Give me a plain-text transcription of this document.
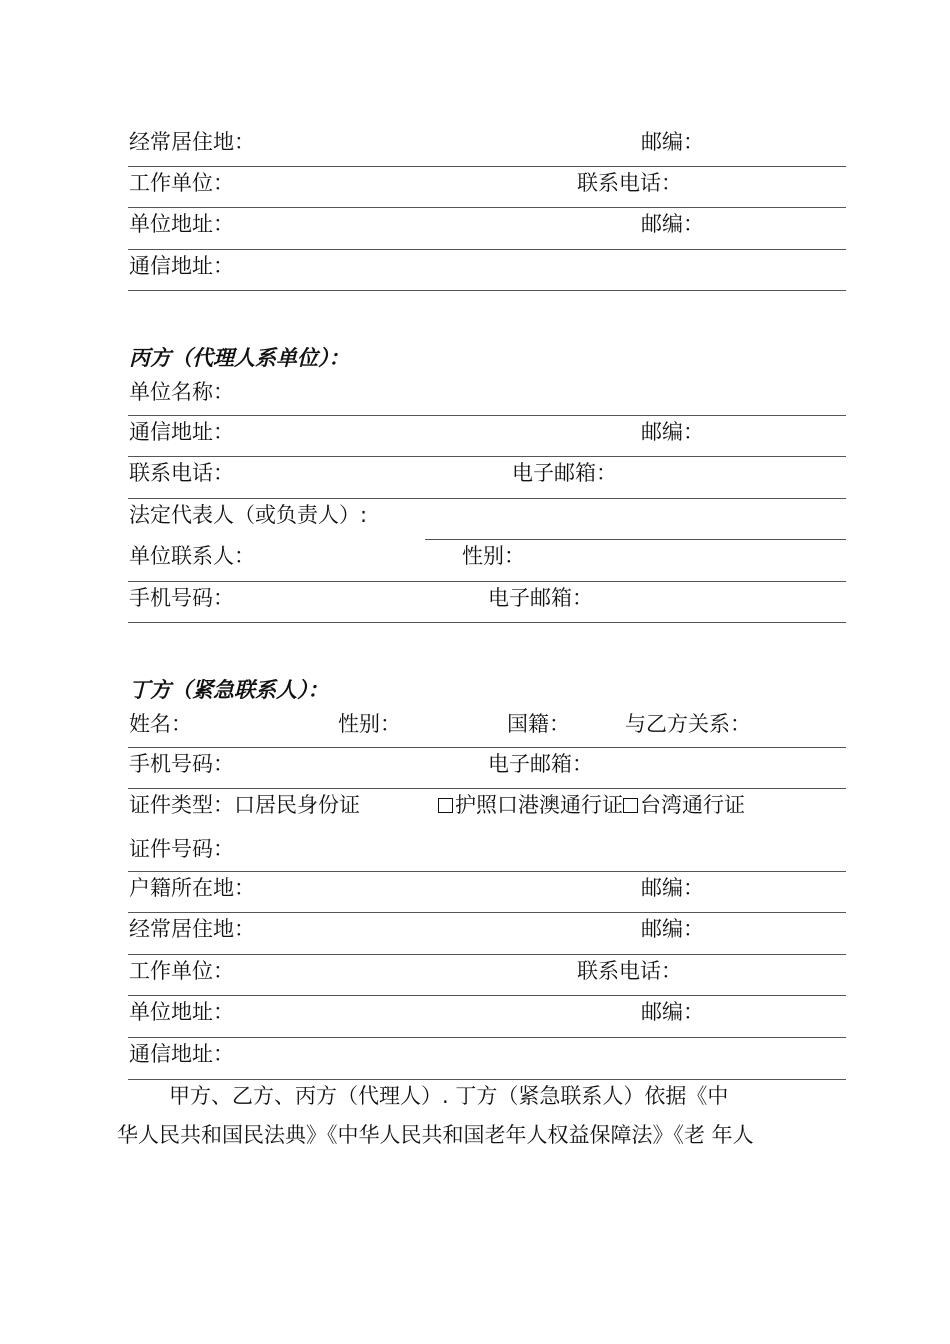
经常居住地：	邮编：
工作单位：	联系电话：
单位地址：	邮编：
通信地址：
丙方（代理人系单位）：
单位名称：
通信地址：	邮编：
联系电话：	电子邮箱：
法定代表人（或负责人）:
单位联系人：	性别：
手机号码：	电子邮箱：
丁方（紧急联系人）：
姓名：	性别：	国籍：	与乙方关系：
手机号码：	电子邮箱：
证件类型：口居民身份证	护照口港澳通行证 台湾通行证
证件号码：
户籍所在地：	邮编：
经常居住地：	邮编：
工作单位：	联系电话：
单位地址：	邮编：
通信地址：
甲方、乙方、丙方（代理人）. 丁方（紧急联系人）依据《中
华人民共和国民法典》《中华人民共和国老年人权益保障法》《老 年人
